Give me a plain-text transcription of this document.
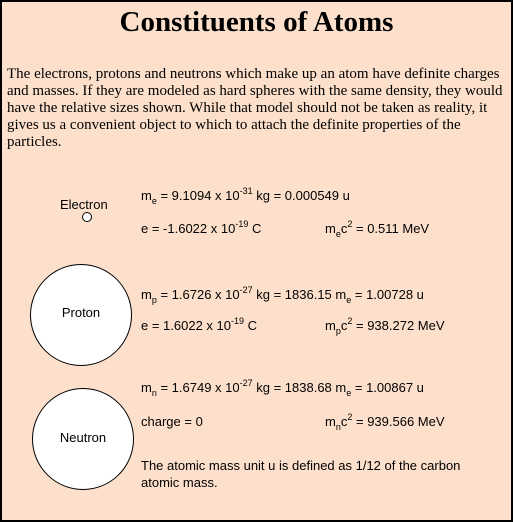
Constituents of Atoms
The electrons, protons and neutrons which make up an atom have definite charges and masses. If they are modeled as hard spheres with the same density, they would have the relative sizes shown. While that model should not be taken as reality, it gives us a convenient object to which to attach the definite properties of the particles.
Electron
$m_e = 9.1094$ x $10^{-31}$ kg = 0.000549 u
e = -1.6022 x $10^{-19}$ C	$m_ec^2 = 0.511$ MeV
Proton
$m_p = 1.6726$ x $10^{-27}$ kg = 1836.15 $m_e = 1.00728$ u
e = 1.6022 x $10^{-19}$ C	$m_pc^2 = 938.272$ MeV
Neutron
$m_n = 1.6749$ x $10^{-27}$ kg = 1838.68 $m_e = 1.00867$ u
charge = 0	$m_nc^2 = 939.566$ MeV
The atomic mass unit u is defined as 1/12 of the carbon atomic mass.
